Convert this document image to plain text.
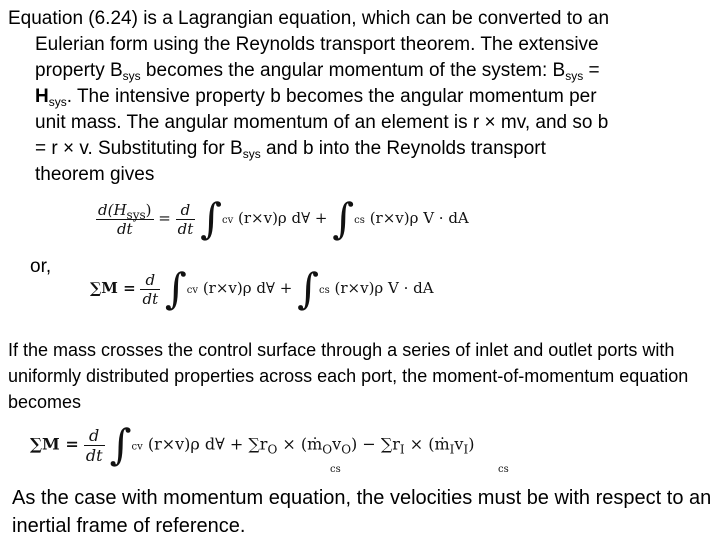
Equation (6.24) is a Lagrangian equation, which can be converted to an
Eulerian form using the Reynolds transport theorem. The extensive
property $B_{sys}$ becomes the angular momentum of the system: $B_{sys}$ =
$H_{sys}$. The intensive property b becomes the angular momentum per
unit mass. The angular momentum of an element is r × mv, and so b
= r × v. Substituting for $B_{sys}$ and b into the Reynolds transport
theorem gives
$\frac{d(H_{sys})}{dt} = \frac{d}{dt} \int cv$ (r×v)ρ d∀ + ∫cs (r×v)ρ V · dA
or,
$\sum M = \frac{d}{dt} \int cv$ (r×v)ρ d∀ + ∫cs (r×v)ρ V · dA
If the mass crosses the control surface through a series of inlet and outlet ports with uniformly distributed properties across each port, the moment-of-momentum equation becomes
$\sum M = \frac{d}{dt} \int cv$ (r×v)ρ d∀ + $\sum r_O$ × $(ṁ_Ov_O) - \sum r_I$ × $(ṁ_Iv_I)$
cs	cs
As the case with momentum equation, the velocities must be with respect to an inertial frame of reference.
